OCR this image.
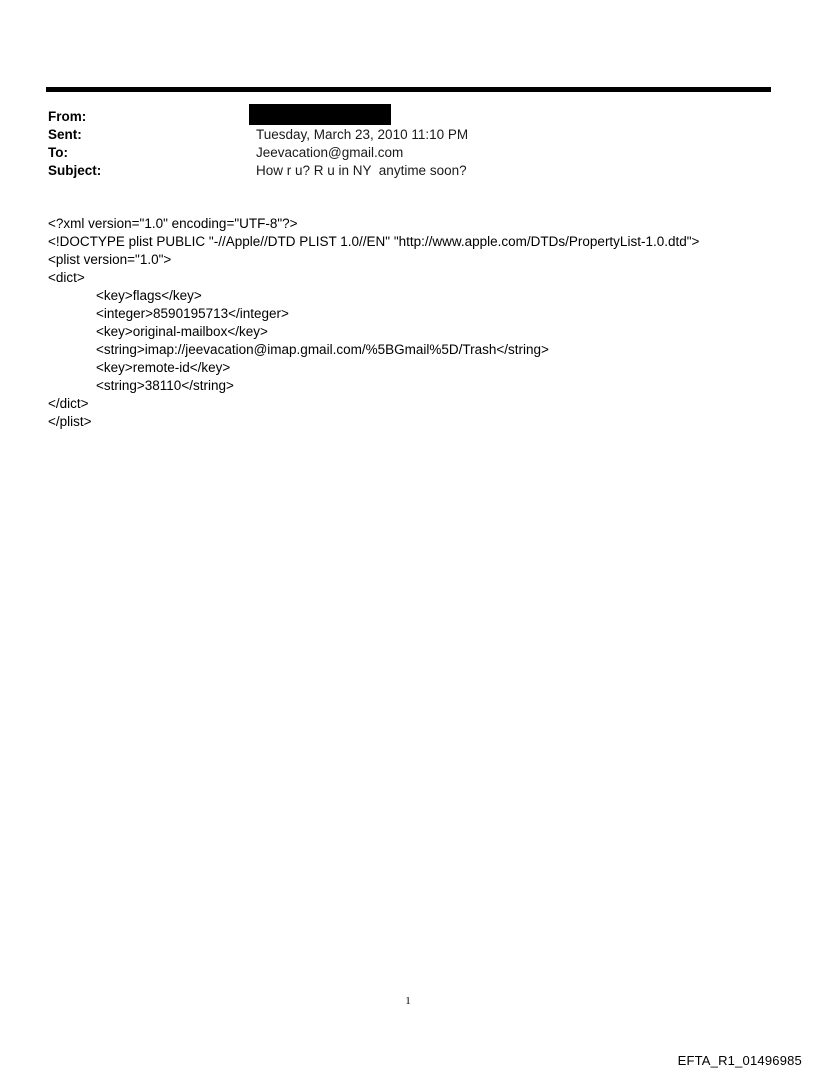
From:
Sent:	Tuesday, March 23, 2010 11:10 PM
To:	Jeevacation@gmail.com
Subject:	How r u? R u in NY  anytime soon?
<?xml version="1.0" encoding="UTF-8"?>
<!DOCTYPE plist PUBLIC "-//Apple//DTD PLIST 1.0//EN" "http://www.apple.com/DTDs/PropertyList-1.0.dtd">
<plist version="1.0">
<dict>
<key>flags</key>
<integer>8590195713</integer>
<key>original-mailbox</key>
<string>imap://jeevacation@imap.gmail.com/%5BGmail%5D/Trash</string>
<key>remote-id</key>
<string>38110</string>
</dict>
</plist>
1
EFTA_R1_01496985
